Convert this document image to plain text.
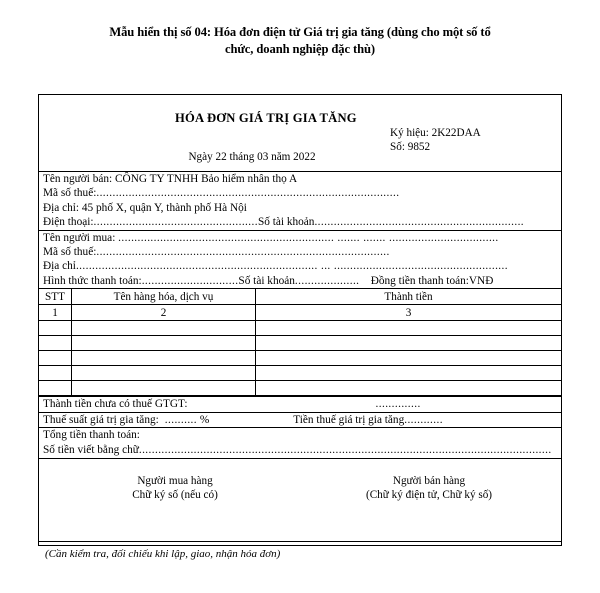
Mẫu hiển thị số 04: Hóa đơn điện tử Giá trị gia tăng (dùng cho một số tổ
chức, doanh nghiệp đặc thù)
HÓA ĐƠN GIÁ TRỊ GIA TĂNG
Ký hiệu: 2K22DAA
Số: 9852
Ngày 22 tháng 03 năm 2022
Tên người bán: CÔNG TY TNHH Bảo hiểm nhân thọ A
Mã số thuế:..............................................................................................
Địa chỉ: 45 phố X, quận Y, thành phố Hà Nội
Điện thoại:...................................................Số tài khoản.................................................................
Tên người mua: ................................................................... ....... ....... ..................................
Mã số thuế:...........................................................................................
Địa chỉ........................................................................... ... ......................................................
Hình thức thanh toán:..............................Số tài khoản.................... Đồng tiền thanh toán:VNĐ
STT	Tên hàng hóa, dịch vụ	Thành tiền
1	2	3

Thành tiền chưa có thuế GTGT:	..............
Thuế suất giá trị gia tăng: .......... %	Tiền thuế giá trị gia tăng............
Tổng tiền thanh toán:
Số tiền viết bằng chữ................................................................................................................................
Người mua hàng
Chữ ký số (nếu có)
Người bán hàng
(Chữ ký điện tử, Chữ ký số)
(Cần kiểm tra, đối chiếu khi lập, giao, nhận hóa đơn)
